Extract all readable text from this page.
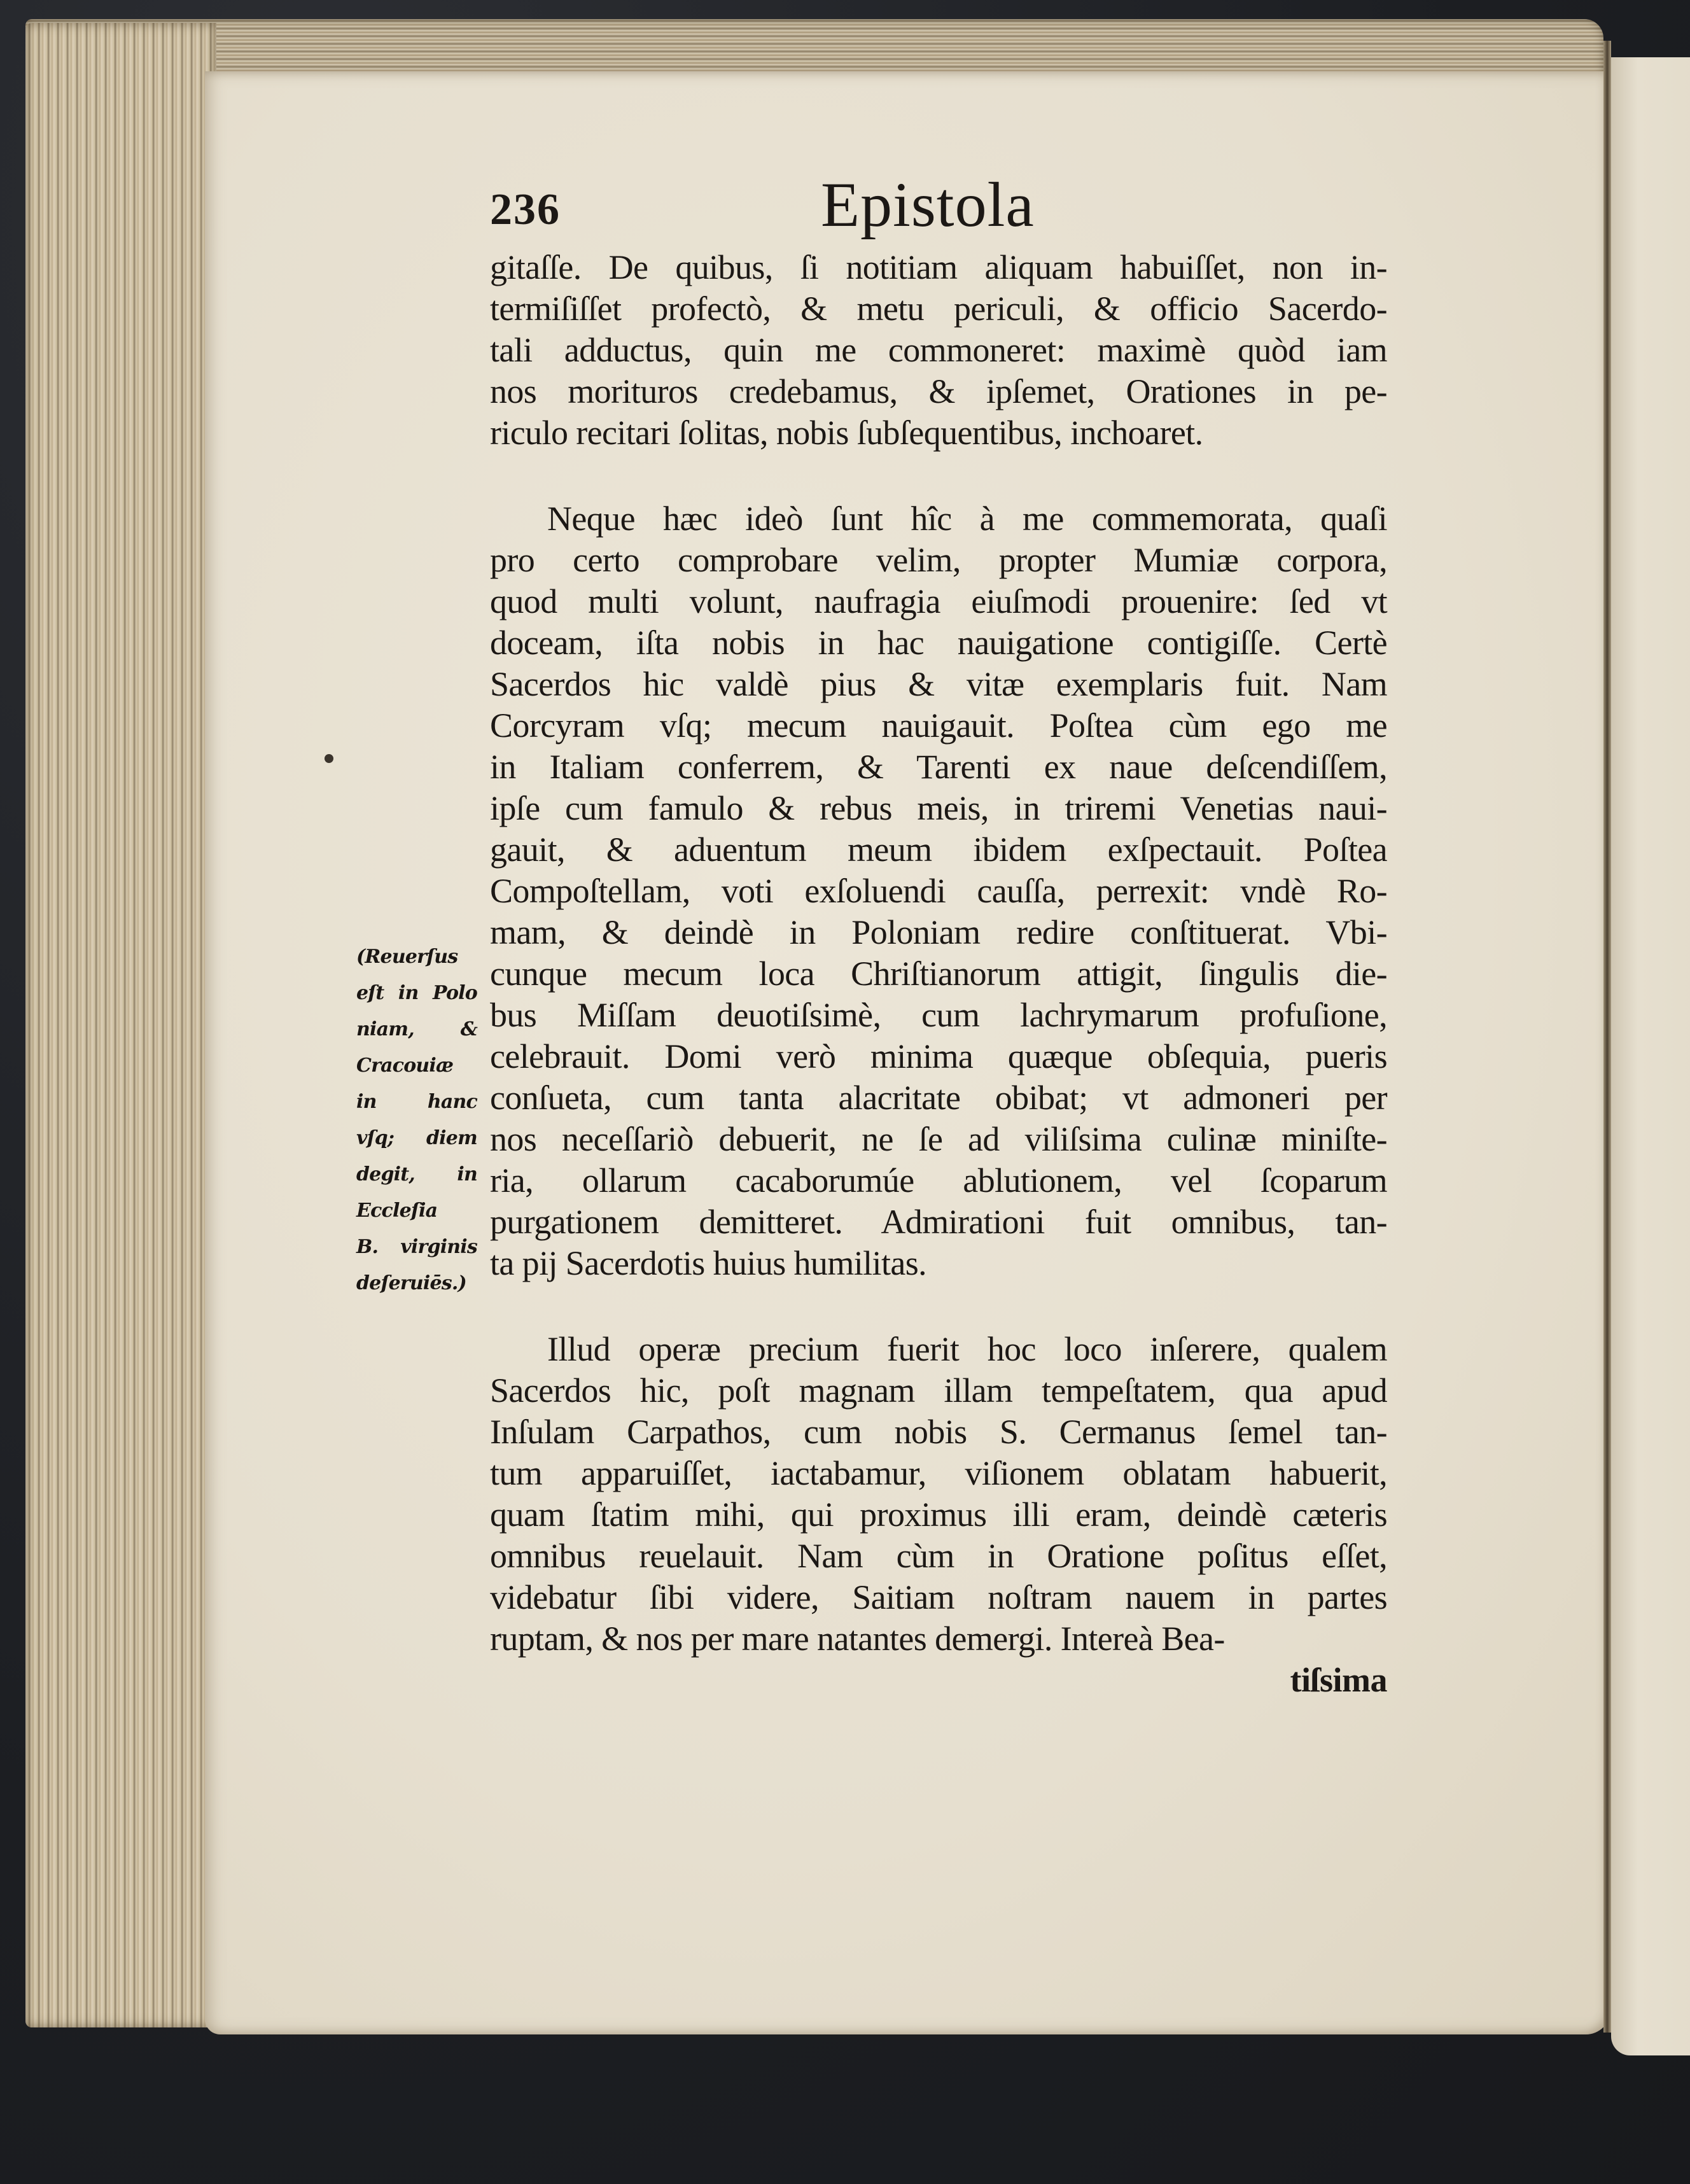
236	Epistola
gitaſſe. De quibus, ſi notitiam aliquam habuiſſet, non in-
termiſiſſet profectò, & metu periculi, & officio Sacerdo-
tali adductus, quin me commoneret: maximè quòd iam
nos morituros credebamus, & ipſemet, Orationes in pe-
riculo recitari ſolitas, nobis ſubſequentibus, inchoaret.
Neque hæc ideò ſunt hîc à me commemorata, quaſi
pro certo comprobare velim, propter Mumiæ corpora,
quod multi volunt, naufragia eiuſmodi prouenire: ſed vt
doceam, iſta nobis in hac nauigatione contigiſſe. Certè
Sacerdos hic valdè pius & vitæ exemplaris fuit. Nam
Corcyram vſq; mecum nauigauit. Poſtea cùm ego me
in Italiam conferrem, & Tarenti ex naue deſcendiſſem,
ipſe cum famulo & rebus meis, in triremi Venetias naui-
gauit, & aduentum meum ibidem exſpectauit. Poſtea
Compoſtellam, voti exſoluendi cauſſa, perrexit: vndè Ro-
mam, & deindè in Poloniam redire conſtituerat. Vbi-
cunque mecum loca Chriſtianorum attigit, ſingulis die-
bus Miſſam deuotiſsimè, cum lachrymarum profuſione,
celebrauit. Domi verò minima quæque obſequia, pueris
conſueta, cum tanta alacritate obibat; vt admoneri per
nos neceſſariò debuerit, ne ſe ad viliſsima culinæ miniſte-
ria, ollarum cacaborumúe ablutionem, vel ſcoparum
purgationem demitteret. Admirationi fuit omnibus, tan-
ta pij Sacerdotis huius humilitas.
Illud operæ precium fuerit hoc loco inſerere, qualem
Sacerdos hic, poſt magnam illam tempeſtatem, qua apud
Inſulam Carpathos, cum nobis S. Cermanus ſemel tan-
tum apparuiſſet, iactabamur, viſionem oblatam habuerit,
quam ſtatim mihi, qui proximus illi eram, deindè cæteris
omnibus reuelauit. Nam cùm in Oratione poſitus eſſet,
videbatur ſibi videre, Saitiam noſtram nauem in partes
ruptam, & nos per mare natantes demergi. Intereà Bea-
tiſsima
(Reuerſus
eſt in Polo
niam, &
Cracouiæ
in hanc
vſq; diem
degit, in
Eccleſia
B. virginis
deſeruiēs.)
